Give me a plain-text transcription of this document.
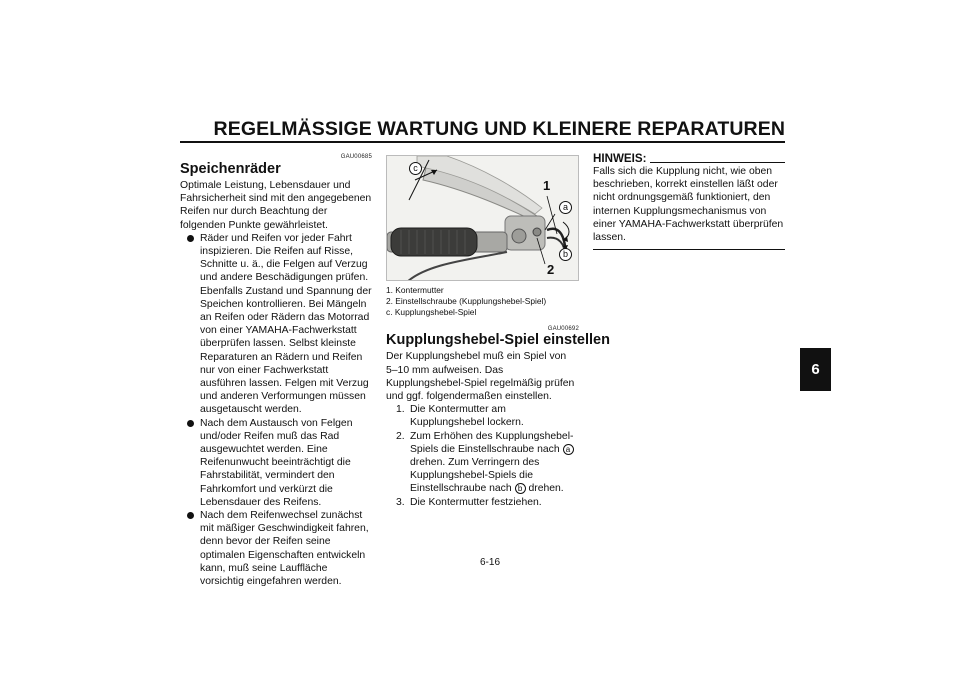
REGELMÄSSIGE WARTUNG UND KLEINERE REPARATUREN
6
GAU00685
Speichenräder
Optimale Leistung, Lebensdauer und Fahrsicherheit sind mit den angegebenen Reifen nur durch Beachtung der folgenden Punkte gewährleistet.
Räder und Reifen vor jeder Fahrt inspizieren. Die Reifen auf Risse, Schnitte u. ä., die Felgen auf Verzug und andere Beschädigungen prüfen. Ebenfalls Zustand und Spannung der Speichen kontrollieren. Bei Mängeln an Reifen oder Rädern das Motorrad von einer YAMAHA-Fachwerkstatt überprüfen lassen. Selbst kleinste Reparaturen an Rädern und Reifen nur von einer Fachwerkstatt ausführen lassen. Felgen mit Verzug und anderen Verformungen müssen ausgetauscht werden.
Nach dem Austausch von Felgen und/oder Reifen muß das Rad ausgewuchtet werden. Eine Reifenunwucht beeinträchtigt die Fahrstabilität, vermindert den Fahrkomfort und verkürzt die Lebensdauer des Reifens.
Nach dem Reifenwechsel zunächst mit mäßiger Geschwindigkeit fahren, denn bevor der Reifen seine optimalen Eigenschaften entwickeln kann, muß seine Lauffläche vorsichtig eingefahren werden.
c
1
a
b
2
1. Kontermutter
2. Einstellschraube (Kupplungshebel-Spiel)
c. Kupplungshebel-Spiel
GAU00692
Kupplungshebel-Spiel einstellen
Der Kupplungshebel muß ein Spiel von 5–10 mm aufweisen. Das Kupplungshebel-Spiel regelmäßig prüfen und ggf. folgendermaßen einstellen.
1. Die Kontermutter am Kupplungshebel lockern.
2. Zum Erhöhen des Kupplungshebel-Spiels die Einstellschraube nach a drehen. Zum Verringern des Kupplungshebel-Spiels die Einstellschraube nach b drehen.
3. Die Kontermutter festziehen.
HINWEIS:
Falls sich die Kupplung nicht, wie oben beschrieben, korrekt einstellen läßt oder nicht ordnungsgemäß funktioniert, den internen Kupplungsmechanismus von einer YAMAHA-Fachwerkstatt überprüfen lassen.
6-16
